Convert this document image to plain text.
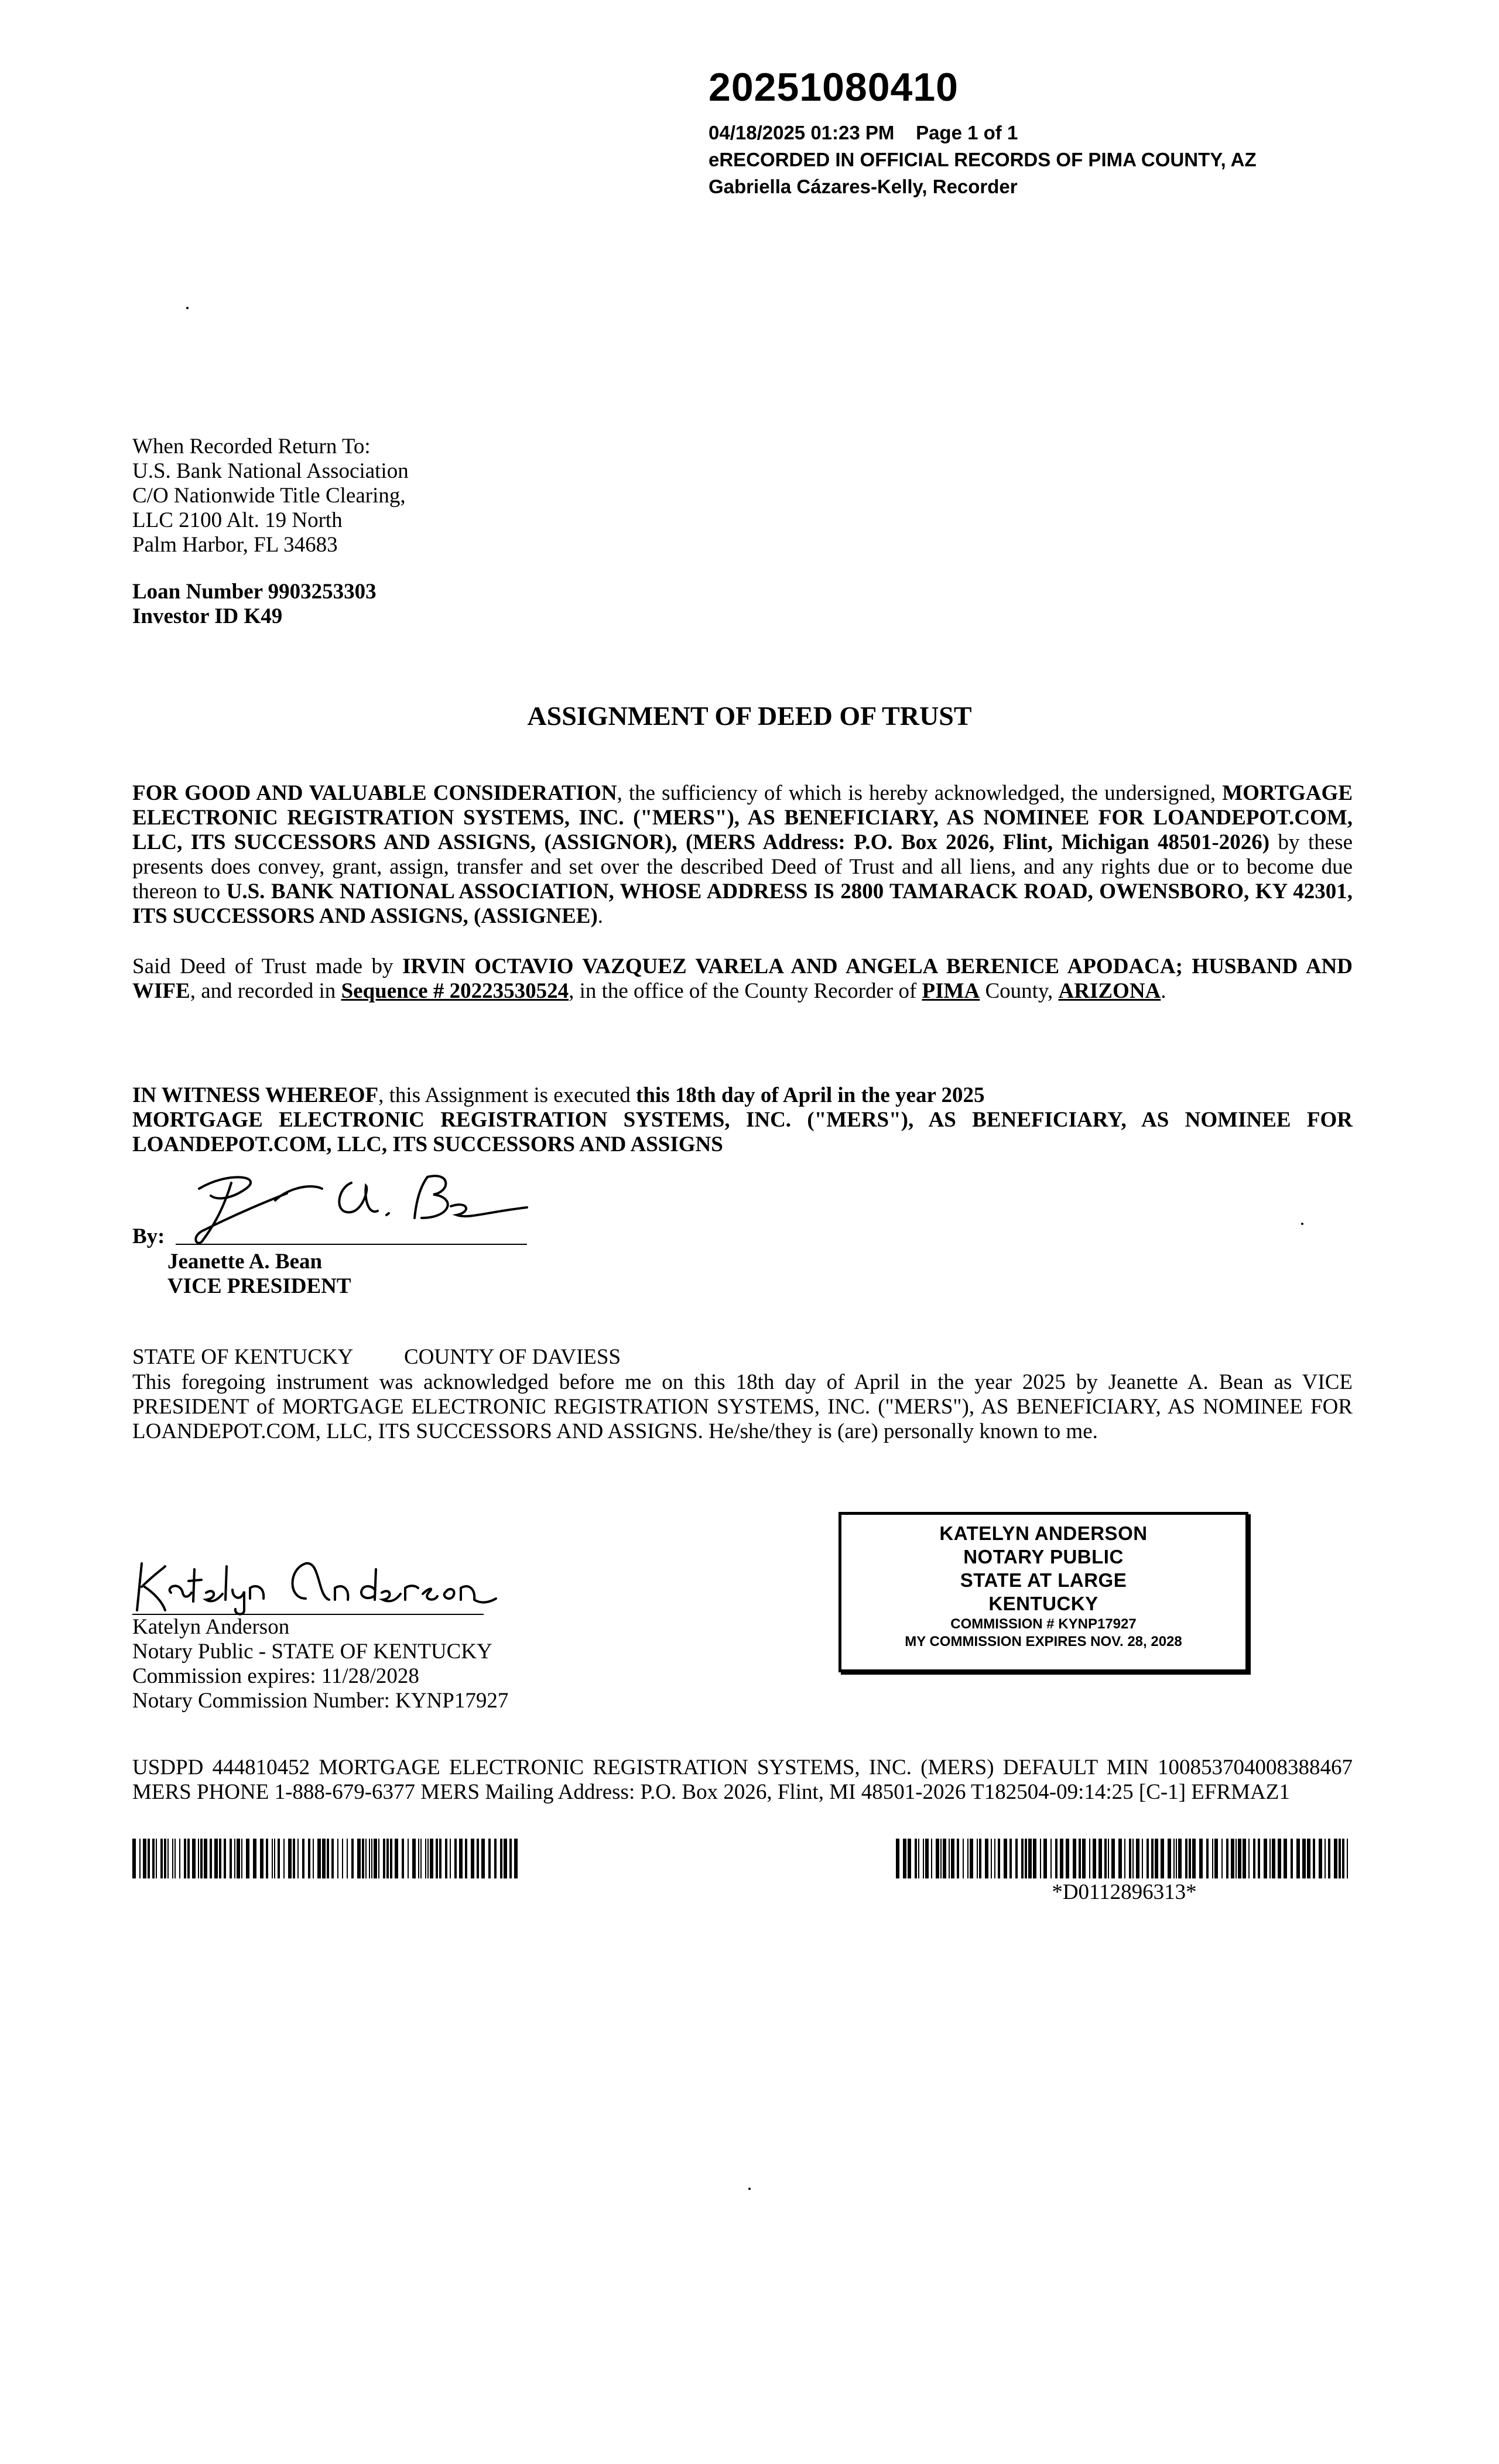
20251080410
04/18/2025 01:23 PM    Page 1 of 1
eRECORDED IN OFFICIAL RECORDS OF PIMA COUNTY, AZ
Gabriella Cázares-Kelly, Recorder
When Recorded Return To:
U.S. Bank National Association
C/O Nationwide Title Clearing,
LLC 2100 Alt. 19 North
Palm Harbor, FL 34683
Loan Number 9903253303
Investor ID K49
ASSIGNMENT OF DEED OF TRUST
FOR GOOD AND VALUABLE CONSIDERATION, the sufficiency of which is hereby acknowledged, the undersigned, MORTGAGE ELECTRONIC REGISTRATION SYSTEMS, INC. ("MERS"), AS BENEFICIARY, AS NOMINEE FOR LOANDEPOT.COM, LLC, ITS SUCCESSORS AND ASSIGNS, (ASSIGNOR), (MERS Address: P.O. Box 2026, Flint, Michigan 48501-2026) by these presents does convey, grant, assign, transfer and set over the described Deed of Trust and all liens, and any rights due or to become due thereon to U.S. BANK NATIONAL ASSOCIATION, WHOSE ADDRESS IS 2800 TAMARACK ROAD, OWENSBORO, KY 42301, ITS SUCCESSORS AND ASSIGNS, (ASSIGNEE).
Said Deed of Trust made by IRVIN OCTAVIO VAZQUEZ VARELA AND ANGELA BERENICE APODACA; HUSBAND AND WIFE, and recorded in Sequence # 20223530524, in the office of the County Recorder of PIMA County, ARIZONA.
IN WITNESS WHEREOF, this Assignment is executed this 18th day of April in the year 2025
MORTGAGE ELECTRONIC REGISTRATION SYSTEMS, INC. ("MERS"), AS BENEFICIARY, AS NOMINEE FOR LOANDEPOT.COM, LLC, ITS SUCCESSORS AND ASSIGNS
By:
Jeanette A. Bean
VICE PRESIDENT
STATE OF KENTUCKY COUNTY OF DAVIESS
This foregoing instrument was acknowledged before me on this 18th day of April in the year 2025 by Jeanette A. Bean as VICE PRESIDENT of MORTGAGE ELECTRONIC REGISTRATION SYSTEMS, INC. ("MERS"), AS BENEFICIARY, AS NOMINEE FOR LOANDEPOT.COM, LLC, ITS SUCCESSORS AND ASSIGNS. He/she/they is (are) personally known to me.
Katelyn Anderson
Notary Public - STATE OF KENTUCKY
Commission expires: 11/28/2028
Notary Commission Number: KYNP17927
KATELYN ANDERSON
NOTARY PUBLIC
STATE AT LARGE
KENTUCKY
COMMISSION # KYNP17927
MY COMMISSION EXPIRES NOV. 28, 2028
USDPD 444810452 MORTGAGE ELECTRONIC REGISTRATION SYSTEMS, INC. (MERS) DEFAULT MIN 100853704008388467 MERS PHONE 1-888-679-6377 MERS Mailing Address: P.O. Box 2026, Flint, MI 48501-2026 T182504-09:14:25 [C-1] EFRMAZ1
*D0112896313*
